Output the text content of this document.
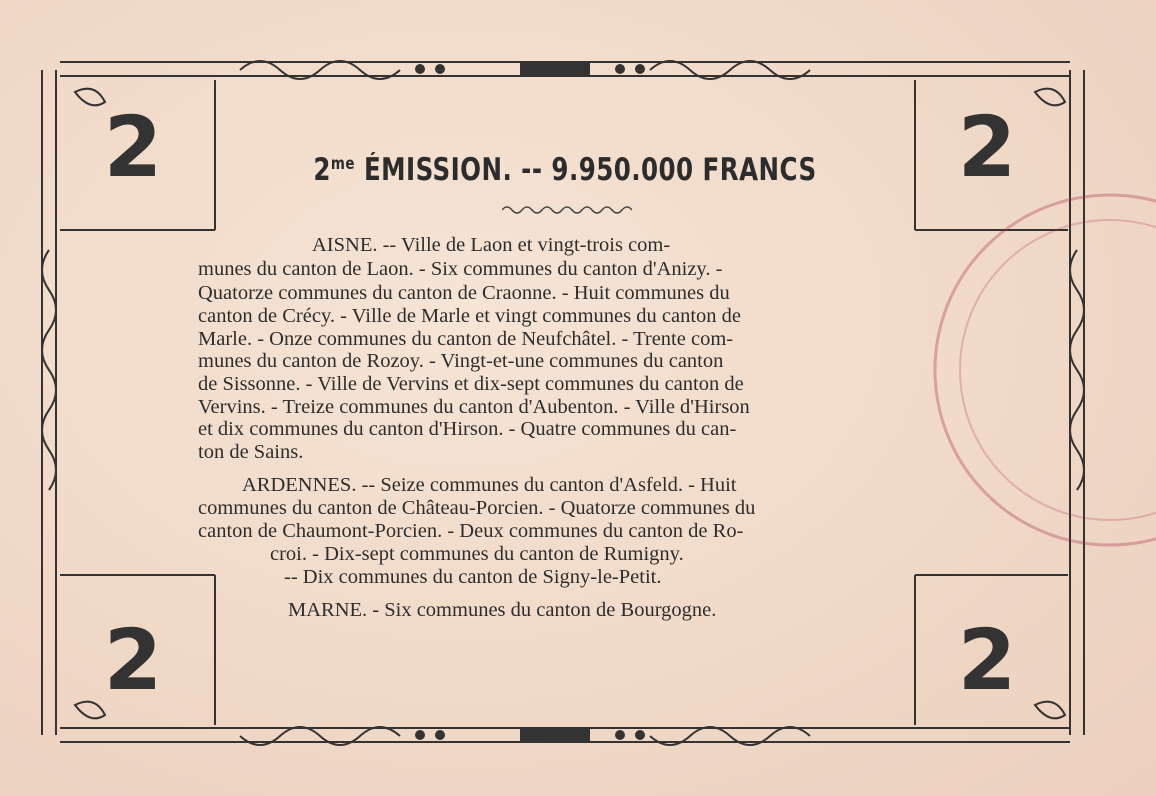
2	2
2	2
$2^{me}$ ÉMISSION. -- 9.950.000 FRANCS
AISNE. -- Ville de Laon et vingt-trois com-
munes du canton de Laon. - Six communes du canton d'Anizy. -
Quatorze communes du canton de Craonne. - Huit communes du
canton de Crécy. - Ville de Marle et vingt communes du canton de
Marle. - Onze communes du canton de Neufchâtel. - Trente com-
munes du canton de Rozoy. - Vingt-et-une communes du canton
de Sissonne. - Ville de Vervins et dix-sept communes du canton de
Vervins. - Treize communes du canton d'Aubenton. - Ville d'Hirson
et dix communes du canton d'Hirson. - Quatre communes du can-
ton de Sains.
ARDENNES. -- Seize communes du canton d'Asfeld. - Huit
communes du canton de Château-Porcien. - Quatorze communes du
canton de Chaumont-Porcien. - Deux communes du canton de Ro-
croi. - Dix-sept communes du canton de Rumigny.
-- Dix communes du canton de Signy-le-Petit.
MARNE. - Six communes du canton de Bourgogne.
